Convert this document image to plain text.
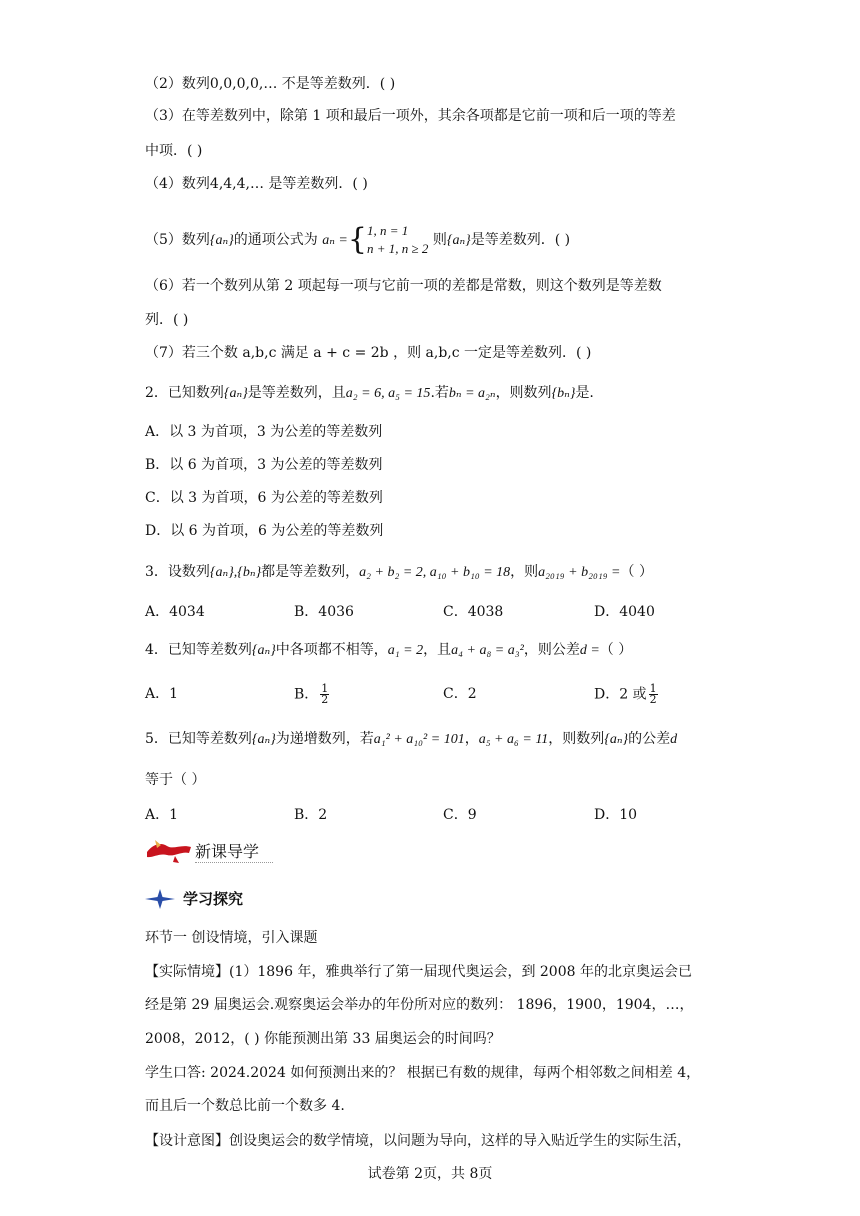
（2）数列0,0,0,0,… 不是等差数列．( )
（3）在等差数列中，除第 1 项和最后一项外，其余各项都是它前一项和后一项的等差
中项．( )
（4）数列4,4,4,… 是等差数列．( )
（5）数列{aₙ}的通项公式为 aₙ ={ 1, n = 1
n + 1, n ≥ 2
则{aₙ}是等差数列．( )
（6）若一个数列从第 2 项起每一项与它前一项的差都是常数，则这个数列是等差数
列．( )
（7）若三个数 a,b,c 满足 a + c = 2b ，则 a,b,c 一定是等差数列．( )
2．已知数列{aₙ}是等差数列，且a₂ = 6, a₅ = 15.若bₙ = a₂ₙ，则数列{bₙ}是.
A．以 3 为首项，3 为公差的等差数列
B．以 6 为首项，3 为公差的等差数列
C．以 3 为首项，6 为公差的等差数列
D．以 6 为首项，6 为公差的等差数列
3．设数列{aₙ},{bₙ}都是等差数列，a₂ + b₂ = 2, a₁₀ + b₁₀ = 18，则a₂₀₁₉ + b₂₀₁₉ =（ ）
A．4034	B．4036	C．4038	D．4040
4．已知等差数列{aₙ}中各项都不相等，a₁ = 2，且a₄ + a₈ = a₃²，则公差d =（ ）
A．1	B． $\frac{1}{2}$	C．2	D．2 或 $\frac{1}{2}$
5．已知等差数列{aₙ}为递增数列，若a₁² + a₁₀² = 101，a₅ + a₆ = 11，则数列{aₙ}的公差d
等于（ ）
A．1	B．2	C．9	D．10
新课导学
学习探究
环节一 创设情境，引入课题
【实际情境】(1）1896 年，雅典举行了第一届现代奥运会，到 2008 年的北京奥运会已
经是第 29 届奥运会.观察奥运会举办的年份所对应的数列： 1896，1900，1904，…，
2008，2012，( ) 你能预测出第 33 届奥运会的时间吗？
学生口答: 2024.2024 如何预测出来的？ 根据已有数的规律，每两个相邻数之间相差 4，
而且后一个数总比前一个数多 4.
【设计意图】创设奥运会的数学情境，以问题为导向，这样的导入贴近学生的实际生活，
试卷第 2页，共 8页
